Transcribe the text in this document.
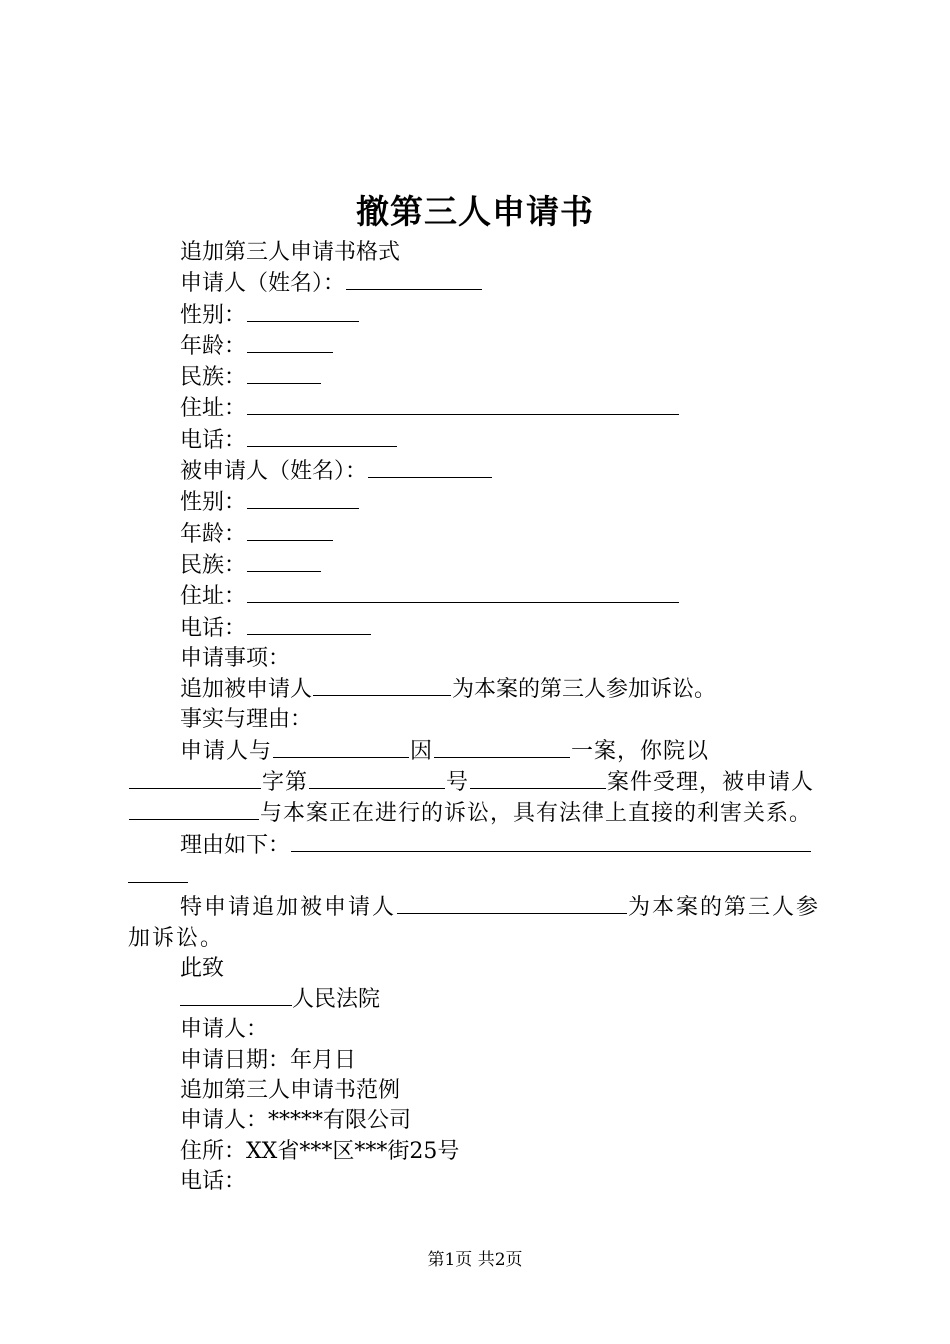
撤第三人申请书
追加第三人申请书格式
申请人（姓名）：
性别：
年龄：
民族：
住址：
电话：
被申请人（姓名）：
性别：
年龄：
民族：
住址：
电话：
申请事项：
追加被申请人	为本案的第三人参加诉讼。
事实与理由：
申请人与	因	一案，你院以字第	号	案件受理，被申请人与本案正在进行的诉讼，具有法律上直接的利害关系。
理由如下：
特申请追加被申请人	为本案的第三人参加诉讼。
此致
人民法院
申请人：
申请日期：年月日
追加第三人申请书范例
申请人：*****有限公司
住所：XX省***区***街25号
电话：
第1页 共2页
